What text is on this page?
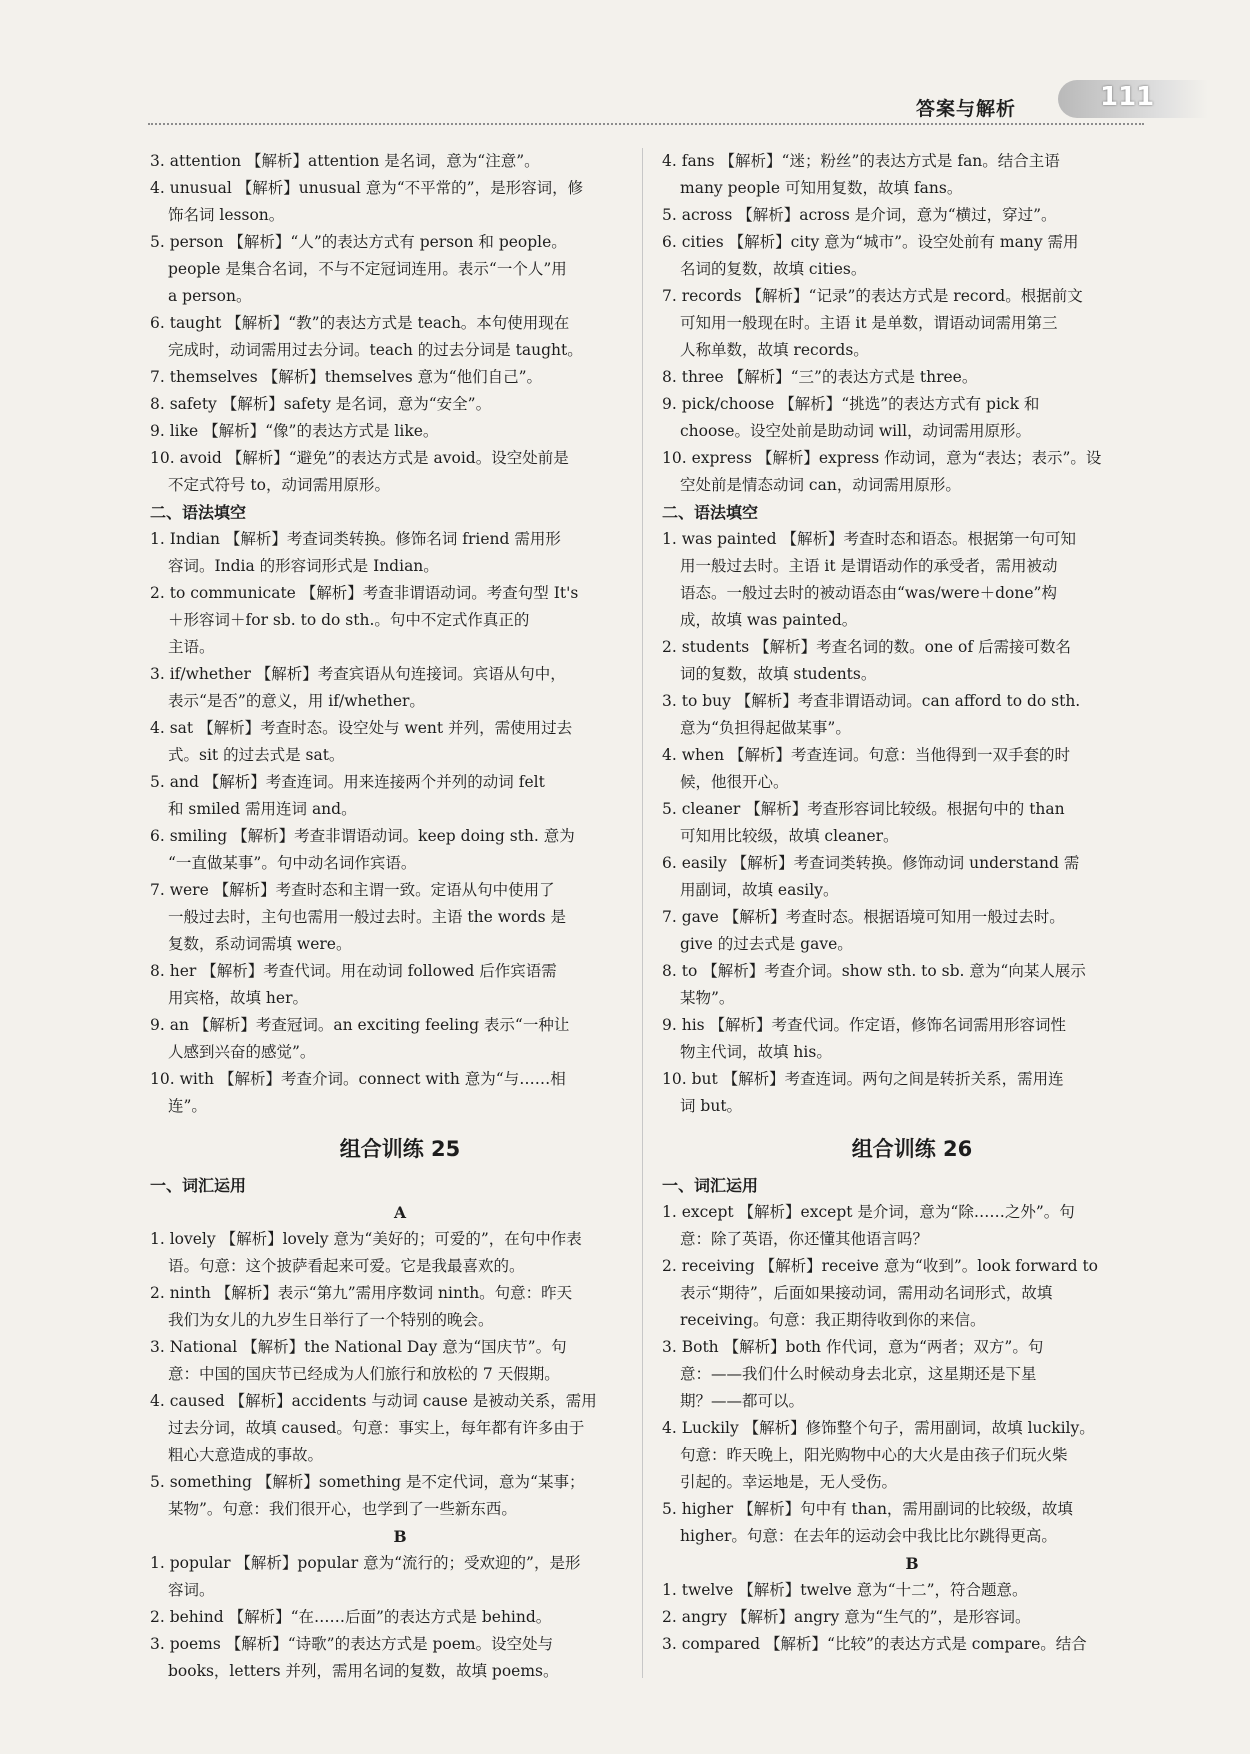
答案与解析	111
3. attention 【解析】attention 是名词，意为“注意”。
4. unusual 【解析】unusual 意为“不平常的”，是形容词，修
饰名词 lesson。
5. person 【解析】“人”的表达方式有 person 和 people。
people 是集合名词，不与不定冠词连用。表示“一个人”用
a person。
6. taught 【解析】“教”的表达方式是 teach。本句使用现在
完成时，动词需用过去分词。teach 的过去分词是 taught。
7. themselves 【解析】themselves 意为“他们自己”。
8. safety 【解析】safety 是名词，意为“安全”。
9. like 【解析】“像”的表达方式是 like。
10. avoid 【解析】“避免”的表达方式是 avoid。设空处前是
不定式符号 to，动词需用原形。
二、语法填空
1. Indian 【解析】考查词类转换。修饰名词 friend 需用形
容词。India 的形容词形式是 Indian。
2. to communicate 【解析】考查非谓语动词。考查句型 It's
＋形容词＋for sb. to do sth.。句中不定式作真正的
主语。
3. if/whether 【解析】考查宾语从句连接词。宾语从句中，
表示“是否”的意义，用 if/whether。
4. sat 【解析】考查时态。设空处与 went 并列，需使用过去
式。sit 的过去式是 sat。
5. and 【解析】考查连词。用来连接两个并列的动词 felt
和 smiled 需用连词 and。
6. smiling 【解析】考查非谓语动词。keep doing sth. 意为
“一直做某事”。句中动名词作宾语。
7. were 【解析】考查时态和主谓一致。定语从句中使用了
一般过去时，主句也需用一般过去时。主语 the words 是
复数，系动词需填 were。
8. her 【解析】考查代词。用在动词 followed 后作宾语需
用宾格，故填 her。
9. an 【解析】考查冠词。an exciting feeling 表示“一种让
人感到兴奋的感觉”。
10. with 【解析】考查介词。connect with 意为“与……相
连”。
组合训练 25
一、词汇运用
A
1. lovely 【解析】lovely 意为“美好的；可爱的”，在句中作表
语。句意：这个披萨看起来可爱。它是我最喜欢的。
2. ninth 【解析】表示“第九”需用序数词 ninth。句意：昨天
我们为女儿的九岁生日举行了一个特别的晚会。
3. National 【解析】the National Day 意为“国庆节”。句
意：中国的国庆节已经成为人们旅行和放松的 7 天假期。
4. caused 【解析】accidents 与动词 cause 是被动关系，需用
过去分词，故填 caused。句意：事实上，每年都有许多由于
粗心大意造成的事故。
5. something 【解析】something 是不定代词，意为“某事；
某物”。句意：我们很开心，也学到了一些新东西。
B
1. popular 【解析】popular 意为“流行的；受欢迎的”，是形
容词。
2. behind 【解析】“在……后面”的表达方式是 behind。
3. poems 【解析】“诗歌”的表达方式是 poem。设空处与
books，letters 并列，需用名词的复数，故填 poems。
4. fans 【解析】“迷；粉丝”的表达方式是 fan。结合主语
many people 可知用复数，故填 fans。
5. across 【解析】across 是介词，意为“横过，穿过”。
6. cities 【解析】city 意为“城市”。设空处前有 many 需用
名词的复数，故填 cities。
7. records 【解析】“记录”的表达方式是 record。根据前文
可知用一般现在时。主语 it 是单数，谓语动词需用第三
人称单数，故填 records。
8. three 【解析】“三”的表达方式是 three。
9. pick/choose 【解析】“挑选”的表达方式有 pick 和
choose。设空处前是助动词 will，动词需用原形。
10. express 【解析】express 作动词，意为“表达；表示”。设
空处前是情态动词 can，动词需用原形。
二、语法填空
1. was painted 【解析】考查时态和语态。根据第一句可知
用一般过去时。主语 it 是谓语动作的承受者，需用被动
语态。一般过去时的被动语态由“was/were＋done”构
成，故填 was painted。
2. students 【解析】考查名词的数。one of 后需接可数名
词的复数，故填 students。
3. to buy 【解析】考查非谓语动词。can afford to do sth.
意为“负担得起做某事”。
4. when 【解析】考查连词。句意：当他得到一双手套的时
候，他很开心。
5. cleaner 【解析】考查形容词比较级。根据句中的 than
可知用比较级，故填 cleaner。
6. easily 【解析】考查词类转换。修饰动词 understand 需
用副词，故填 easily。
7. gave 【解析】考查时态。根据语境可知用一般过去时。
give 的过去式是 gave。
8. to 【解析】考查介词。show sth. to sb. 意为“向某人展示
某物”。
9. his 【解析】考查代词。作定语，修饰名词需用形容词性
物主代词，故填 his。
10. but 【解析】考查连词。两句之间是转折关系，需用连
词 but。
组合训练 26
一、词汇运用
1. except 【解析】except 是介词，意为“除……之外”。句
意：除了英语，你还懂其他语言吗？
2. receiving 【解析】receive 意为“收到”。look forward to
表示“期待”，后面如果接动词，需用动名词形式，故填
receiving。句意：我正期待收到你的来信。
3. Both 【解析】both 作代词，意为“两者；双方”。句
意：——我们什么时候动身去北京，这星期还是下星
期？——都可以。
4. Luckily 【解析】修饰整个句子，需用副词，故填 luckily。
句意：昨天晚上，阳光购物中心的大火是由孩子们玩火柴
引起的。幸运地是，无人受伤。
5. higher 【解析】句中有 than，需用副词的比较级，故填
higher。句意：在去年的运动会中我比比尔跳得更高。
B
1. twelve 【解析】twelve 意为“十二”，符合题意。
2. angry 【解析】angry 意为“生气的”，是形容词。
3. compared 【解析】“比较”的表达方式是 compare。结合
